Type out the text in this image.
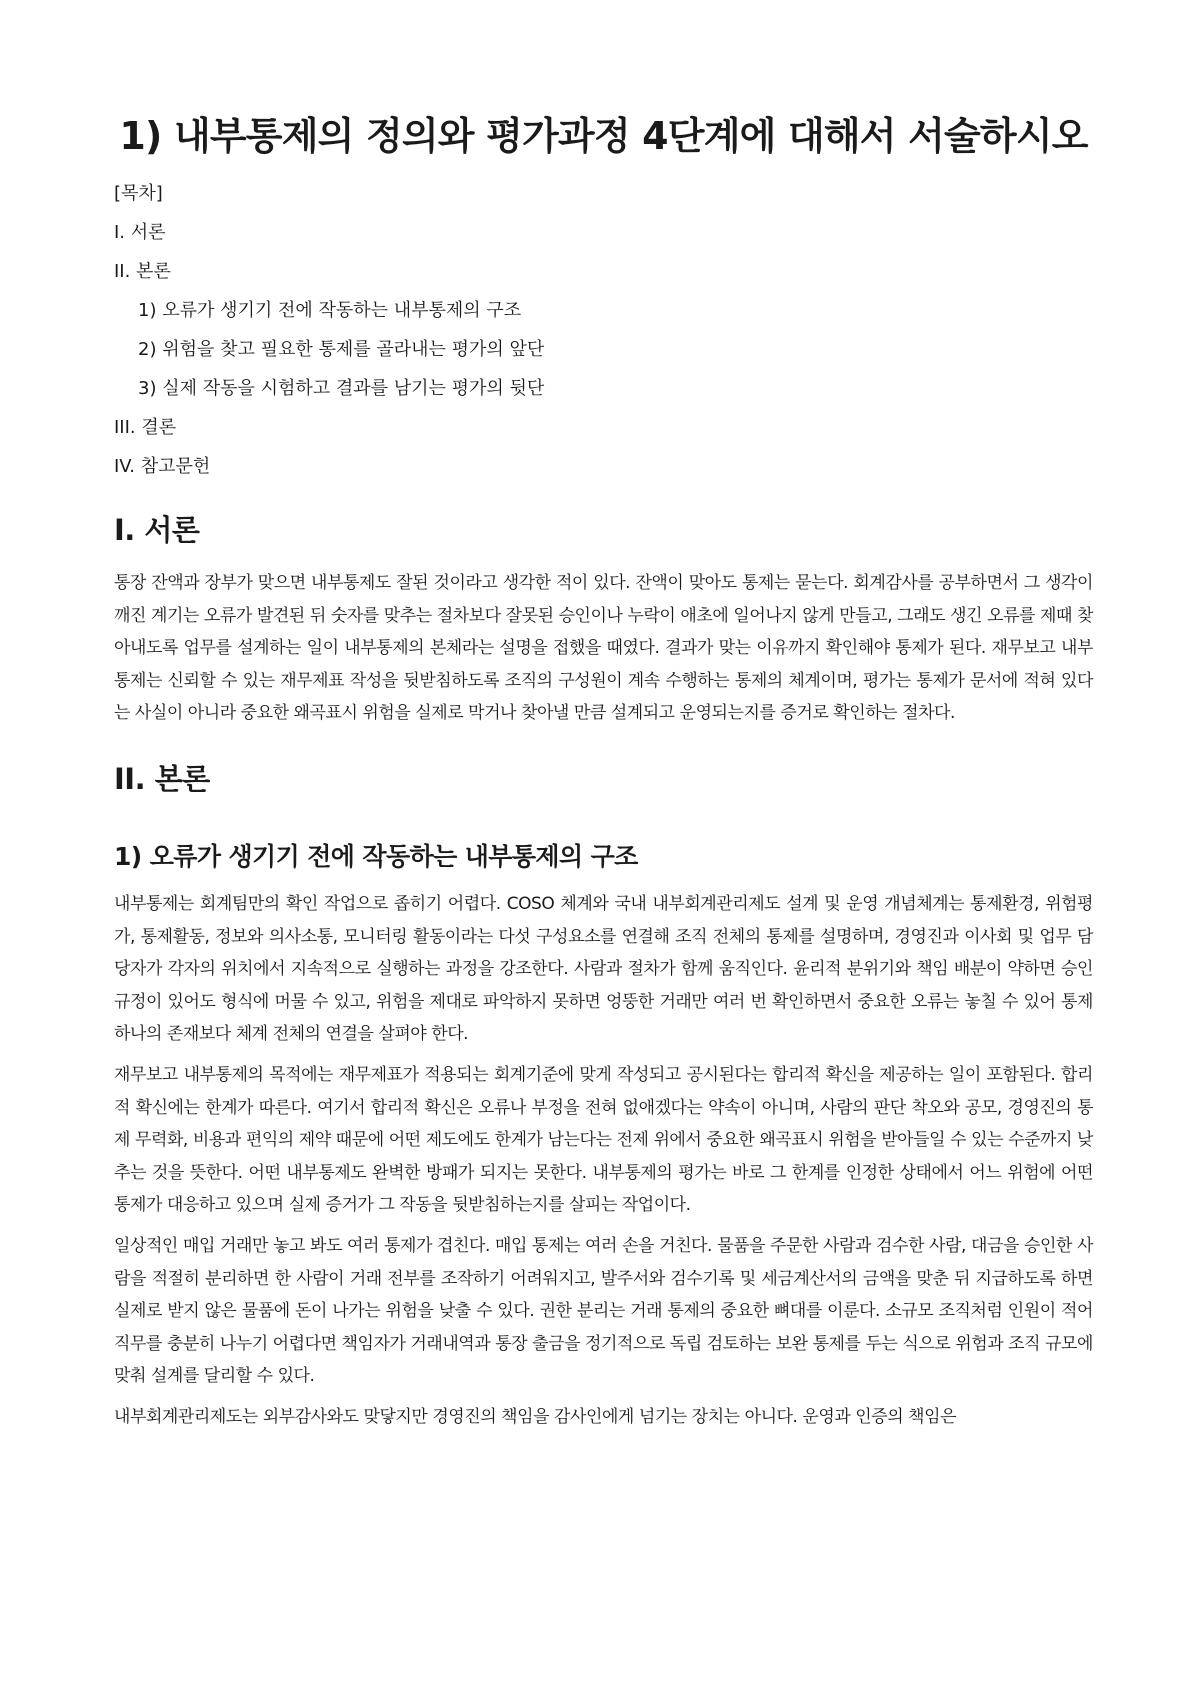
1) 내부통제의 정의와 평가과정 4단계에 대해서 서술하시오
[목차]
I. 서론
II. 본론
1) 오류가 생기기 전에 작동하는 내부통제의 구조
2) 위험을 찾고 필요한 통제를 골라내는 평가의 앞단
3) 실제 작동을 시험하고 결과를 남기는 평가의 뒷단
III. 결론
IV. 참고문헌
I. 서론

통장 잔액과 장부가 맞으면 내부통제도 잘된 것이라고 생각한 적이 있다. 잔액이 맞아도 통제는 묻는다. 회계감사를 공부하면서 그 생각이 깨진 계기는 오류가 발견된 뒤 숫자를 맞추는 절차보다 잘못된 승인이나 누락이 애초에 일어나지 않게 만들고, 그래도 생긴 오류를 제때 찾아내도록 업무를 설계하는 일이 내부통제의 본체라는 설명을 접했을 때였다. 결과가 맞는 이유까지 확인해야 통제가 된다. 재무보고 내부통제는 신뢰할 수 있는 재무제표 작성을 뒷받침하도록 조직의 구성원이 계속 수행하는 통제의 체계이며, 평가는 통제가 문서에 적혀 있다는 사실이 아니라 중요한 왜곡표시 위험을 실제로 막거나 찾아낼 만큼 설계되고 운영되는지를 증거로 확인하는 절차다.

II. 본론
1) 오류가 생기기 전에 작동하는 내부통제의 구조

내부통제는 회계팀만의 확인 작업으로 좁히기 어렵다. COSO 체계와 국내 내부회계관리제도 설계 및 운영 개념체계는 통제환경, 위험평가, 통제활동, 정보와 의사소통, 모니터링 활동이라는 다섯 구성요소를 연결해 조직 전체의 통제를 설명하며, 경영진과 이사회 및 업무 담당자가 각자의 위치에서 지속적으로 실행하는 과정을 강조한다. 사람과 절차가 함께 움직인다. 윤리적 분위기와 책임 배분이 약하면 승인 규정이 있어도 형식에 머물 수 있고, 위험을 제대로 파악하지 못하면 엉뚱한 거래만 여러 번 확인하면서 중요한 오류는 놓칠 수 있어 통제 하나의 존재보다 체계 전체의 연결을 살펴야 한다.

재무보고 내부통제의 목적에는 재무제표가 적용되는 회계기준에 맞게 작성되고 공시된다는 합리적 확신을 제공하는 일이 포함된다. 합리적 확신에는 한계가 따른다. 여기서 합리적 확신은 오류나 부정을 전혀 없애겠다는 약속이 아니며, 사람의 판단 착오와 공모, 경영진의 통제 무력화, 비용과 편익의 제약 때문에 어떤 제도에도 한계가 남는다는 전제 위에서 중요한 왜곡표시 위험을 받아들일 수 있는 수준까지 낮추는 것을 뜻한다. 어떤 내부통제도 완벽한 방패가 되지는 못한다. 내부통제의 평가는 바로 그 한계를 인정한 상태에서 어느 위험에 어떤 통제가 대응하고 있으며 실제 증거가 그 작동을 뒷받침하는지를 살피는 작업이다.

일상적인 매입 거래만 놓고 봐도 여러 통제가 겹친다. 매입 통제는 여러 손을 거친다. 물품을 주문한 사람과 검수한 사람, 대금을 승인한 사람을 적절히 분리하면 한 사람이 거래 전부를 조작하기 어려워지고, 발주서와 검수기록 및 세금계산서의 금액을 맞춘 뒤 지급하도록 하면 실제로 받지 않은 물품에 돈이 나가는 위험을 낮출 수 있다. 권한 분리는 거래 통제의 중요한 뼈대를 이룬다. 소규모 조직처럼 인원이 적어 직무를 충분히 나누기 어렵다면 책임자가 거래내역과 통장 출금을 정기적으로 독립 검토하는 보완 통제를 두는 식으로 위험과 조직 규모에 맞춰 설계를 달리할 수 있다.

내부회계관리제도는 외부감사와도 맞닿지만 경영진의 책임을 감사인에게 넘기는 장치는 아니다. 운영과 인증의 책임은
